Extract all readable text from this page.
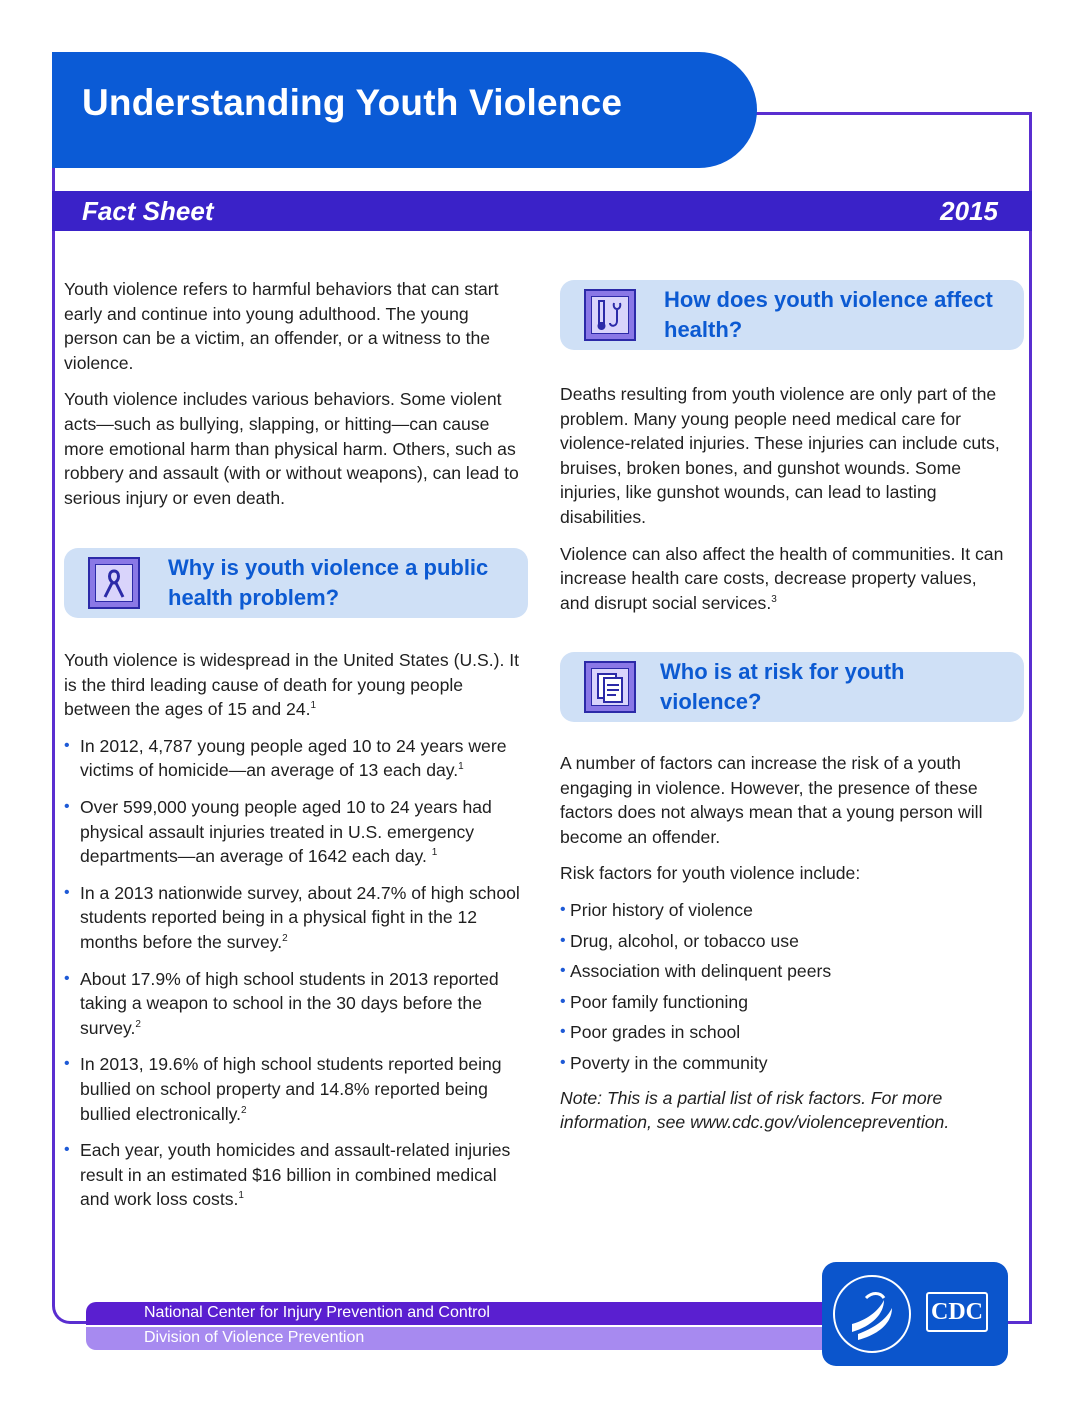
Understanding Youth Violence
Fact Sheet	2015

Youth violence refers to harmful behaviors that can start early and continue into young adulthood. The young person can be a victim, an offender, or a witness to the violence.

Youth violence includes various behaviors. Some violent acts—such as bullying, slapping, or hitting—can cause more emotional harm than physical harm. Others, such as robbery and assault (with or without weapons), can lead to serious injury or even death.

Why is youth violence a public health problem?

Youth violence is widespread in the United States (U.S.). It is the third leading cause of death for young people between the ages of 15 and 24.$^1$

• In 2012, 4,787 young people aged 10 to 24 years were victims of homicide—an average of 13 each day.$^1$
• Over 599,000 young people aged 10 to 24 years had physical assault injuries treated in U.S. emergency departments—an average of 1642 each day. $^1$
• In a 2013 nationwide survey, about 24.7% of high school students reported being in a physical fight in the 12 months before the survey.$^2$
• About 17.9% of high school students in 2013 reported taking a weapon to school in the 30 days before the survey.$^2$
• In 2013, 19.6% of high school students reported being bullied on school property and 14.8% reported being bullied electronically.$^2$
• Each year, youth homicides and assault-related injuries result in an estimated $16 billion in combined medical and work loss costs.$^1$
How does youth violence affect health?

Deaths resulting from youth violence are only part of the problem. Many young people need medical care for violence-related injuries. These injuries can include cuts, bruises, broken bones, and gunshot wounds. Some injuries, like gunshot wounds, can lead to lasting disabilities.

Violence can also affect the health of communities. It can increase health care costs, decrease property values, and disrupt social services.$^3$

Who is at risk for youth violence?

A number of factors can increase the risk of a youth engaging in violence. However, the presence of these factors does not always mean that a young person will become an offender.

Risk factors for youth violence include:

• Prior history of violence
• Drug, alcohol, or tobacco use
• Association with delinquent peers
• Poor family functioning
• Poor grades in school
• Poverty in the community

Note: This is a partial list of risk factors. For more information, see www.cdc.gov/violenceprevention.

National Center for Injury Prevention and Control
Division of Violence Prevention
CDC
